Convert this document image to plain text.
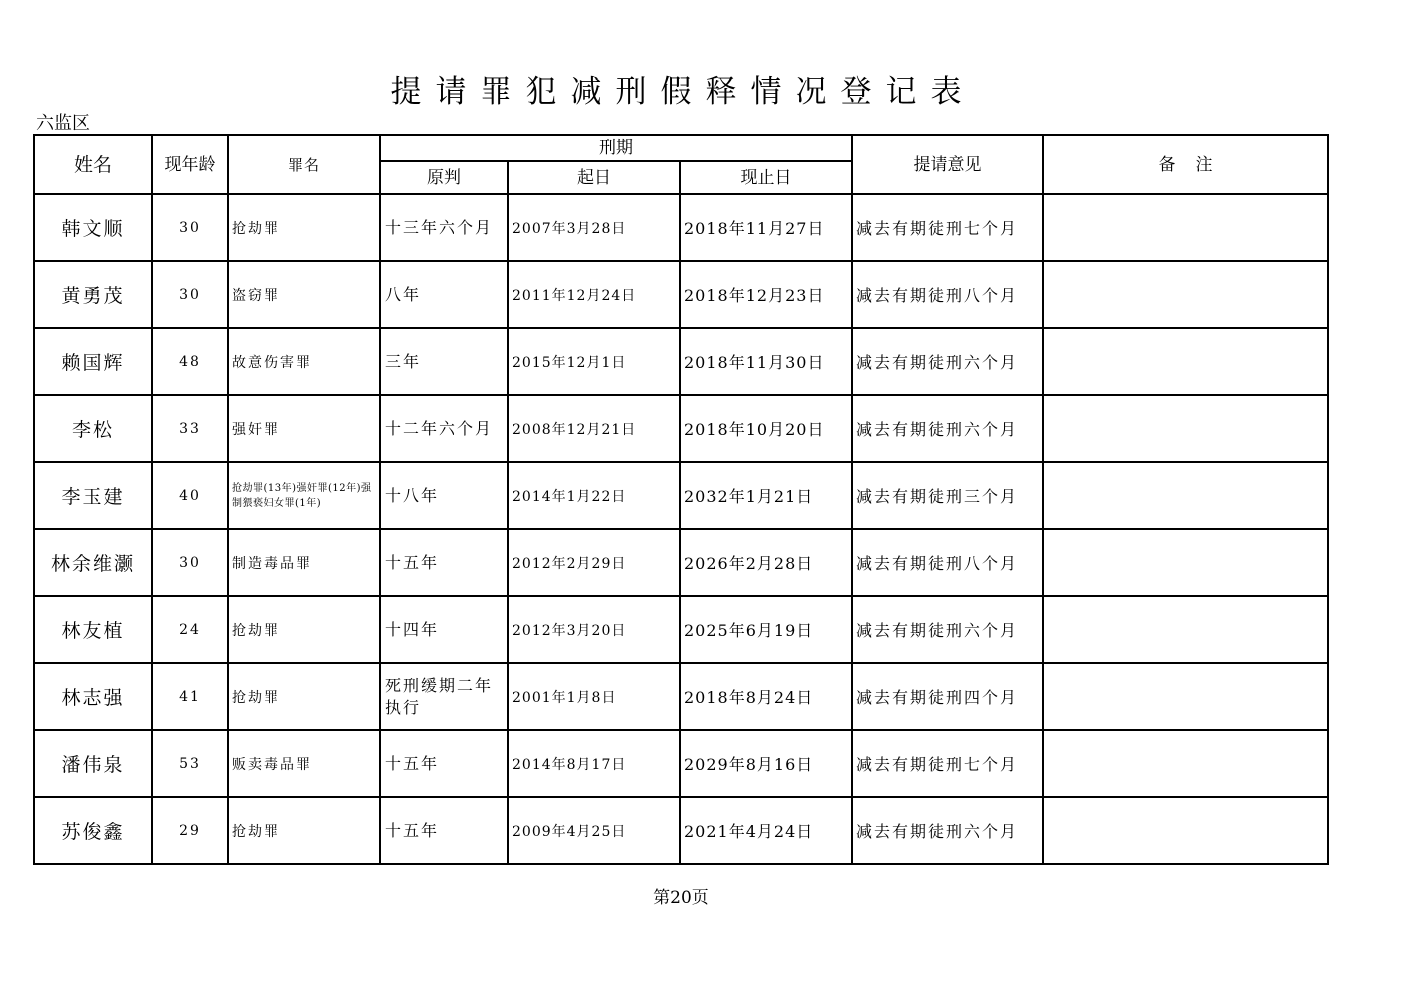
提请罪犯减刑假释情况登记表
六监区
姓名	现年龄	罪名	刑期			提请意见	备注
			原判	起日	现止日		
韩文顺	30	抢劫罪	十三年六个月	2007年3月28日	2018年11月27日	减去有期徒刑七个月	
黄勇茂	30	盗窃罪	八年	2011年12月24日	2018年12月23日	减去有期徒刑八个月	
赖国辉	48	故意伤害罪	三年	2015年12月1日	2018年11月30日	减去有期徒刑六个月	
李松	33	强奸罪	十二年六个月	2008年12月21日	2018年10月20日	减去有期徒刑六个月	
李玉建	40	抢劫罪(13年)强奸罪(12年)强制猥亵妇女罪(1年)	十八年	2014年1月22日	2032年1月21日	减去有期徒刑三个月	
林余维灏	30	制造毒品罪	十五年	2012年2月29日	2026年2月28日	减去有期徒刑八个月	
林友植	24	抢劫罪	十四年	2012年3月20日	2025年6月19日	减去有期徒刑六个月	
林志强	41	抢劫罪	死刑缓期二年执行	2001年1月8日	2018年8月24日	减去有期徒刑四个月	
潘伟泉	53	贩卖毒品罪	十五年	2014年8月17日	2029年8月16日	减去有期徒刑七个月	
苏俊鑫	29	抢劫罪	十五年	2009年4月25日	2021年4月24日	减去有期徒刑六个月	
第20页
